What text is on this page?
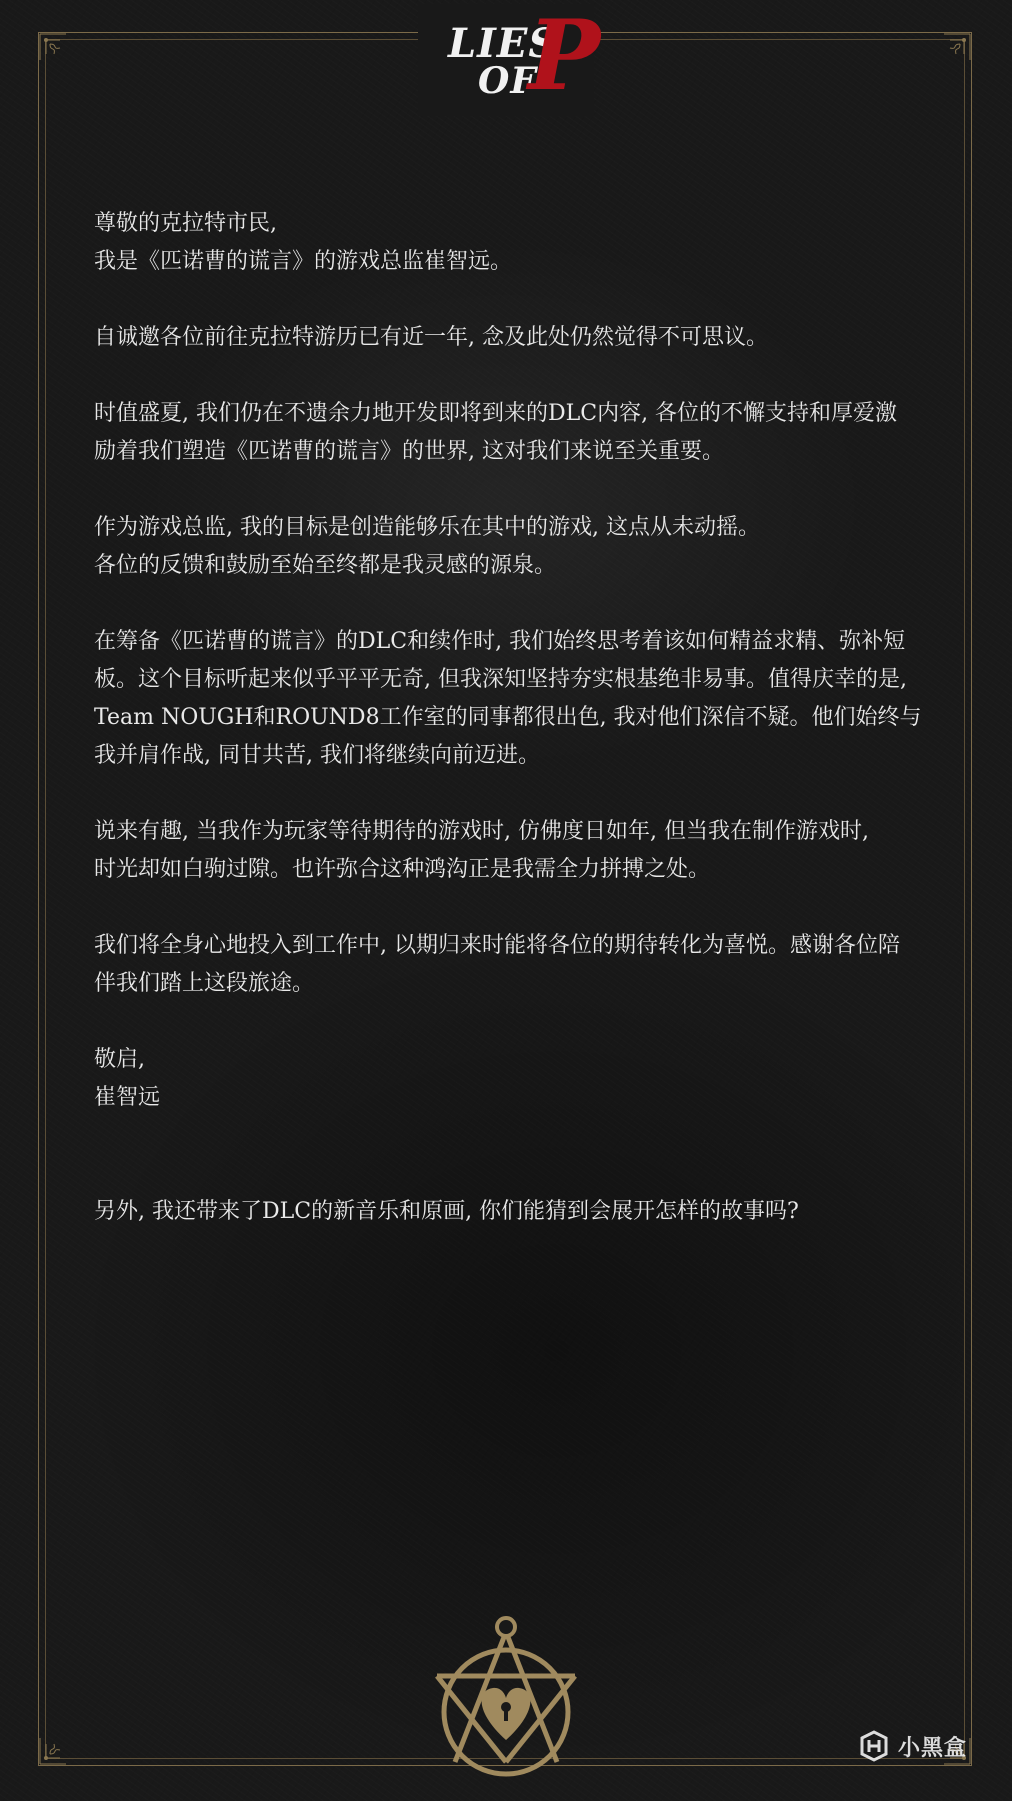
LIES
OF
P
尊敬的克拉特市民,
我是《匹诺曹的谎言》的游戏总监崔智远。
自诚邀各位前往克拉特游历已有近一年, 念及此处仍然觉得不可思议。
时值盛夏, 我们仍在不遗余力地开发即将到来的DLC内容, 各位的不懈支持和厚爱激
励着我们塑造《匹诺曹的谎言》的世界, 这对我们来说至关重要。
作为游戏总监, 我的目标是创造能够乐在其中的游戏, 这点从未动摇。
各位的反馈和鼓励至始至终都是我灵感的源泉。
在筹备《匹诺曹的谎言》的DLC和续作时, 我们始终思考着该如何精益求精、弥补短
板。这个目标听起来似乎平平无奇, 但我深知坚持夯实根基绝非易事。值得庆幸的是,
Team NOUGH和ROUND8工作室的同事都很出色, 我对他们深信不疑。他们始终与
我并肩作战, 同甘共苦, 我们将继续向前迈进。
说来有趣, 当我作为玩家等待期待的游戏时, 仿佛度日如年, 但当我在制作游戏时,
时光却如白驹过隙。也许弥合这种鸿沟正是我需全力拼搏之处。
我们将全身心地投入到工作中, 以期归来时能将各位的期待转化为喜悦。感谢各位陪
伴我们踏上这段旅途。
敬启,
崔智远
另外, 我还带来了DLC的新音乐和原画, 你们能猜到会展开怎样的故事吗?
小黑盒
